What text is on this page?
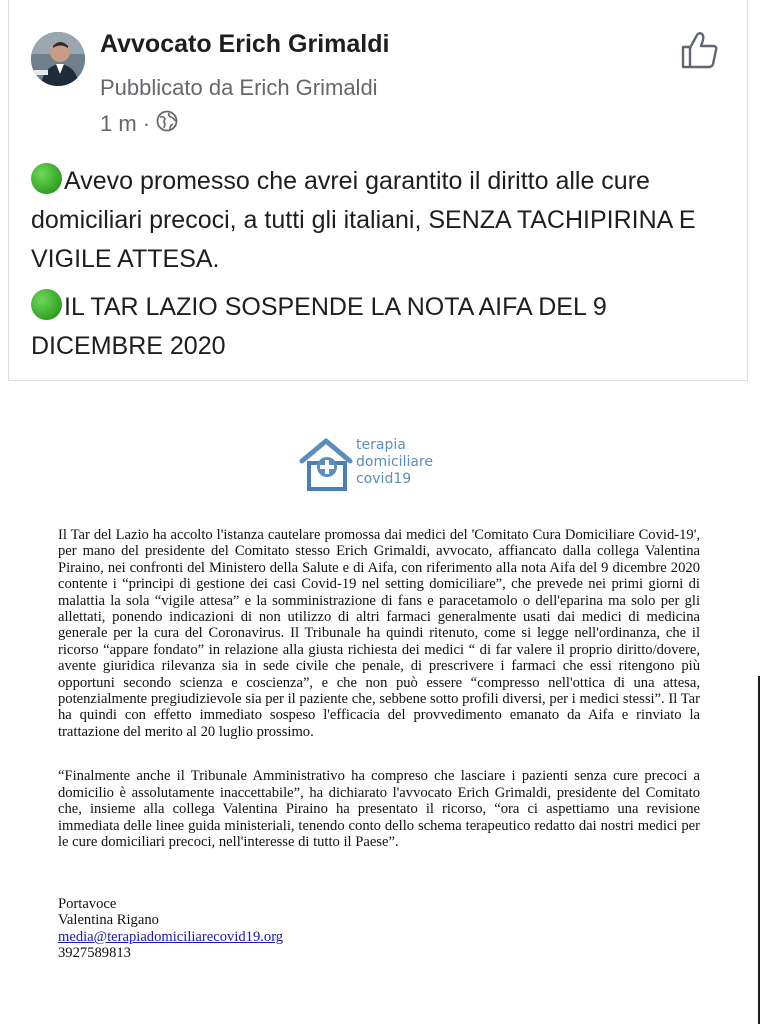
Avvocato Erich Grimaldi
Pubblicato da Erich Grimaldi
1 m ·

Avevo promesso che avrei garantito il diritto alle cure domiciliari precoci, a tutti gli italiani, SENZA TACHIPIRINA E VIGILE ATTESA.

IL TAR LAZIO SOSPENDE LA NOTA AIFA DEL 9 DICEMBRE 2020

terapia
domiciliare
covid19

Il Tar del Lazio ha accolto l'istanza cautelare promossa dai medici del 'Comitato Cura Domiciliare Covid-19', per mano del presidente del Comitato stesso Erich Grimaldi, avvocato, affiancato dalla collega Valentina Piraino, nei confronti del Ministero della Salute e di Aifa, con riferimento alla nota Aifa del 9 dicembre 2020 contente i “principi di gestione dei casi Covid-19 nel setting domiciliare”, che prevede nei primi giorni di malattia la sola “vigile attesa” e la somministrazione di fans e paracetamolo o dell'eparina ma solo per gli allettati, ponendo indicazioni di non utilizzo di altri farmaci generalmente usati dai medici di medicina generale per la cura del Coronavirus. Il Tribunale ha quindi ritenuto, come si legge nell'ordinanza, che il ricorso “appare fondato” in relazione alla giusta richiesta dei medici “ di far valere il proprio diritto/dovere, avente giuridica rilevanza sia in sede civile che penale, di prescrivere i farmaci che essi ritengono più opportuni secondo scienza e coscienza”, e che non può essere “compresso nell'ottica di una attesa, potenzialmente pregiudizievole sia per il paziente che, sebbene sotto profili diversi, per i medici stessi”. Il Tar ha quindi con effetto immediato sospeso l'efficacia del provvedimento emanato da Aifa e rinviato la trattazione del merito al 20 luglio prossimo.

“Finalmente anche il Tribunale Amministrativo ha compreso che lasciare i pazienti senza cure precoci a domicilio è assolutamente inaccettabile”, ha dichiarato l'avvocato Erich Grimaldi, presidente del Comitato che, insieme alla collega Valentina Piraino ha presentato il ricorso, “ora ci aspettiamo una revisione immediata delle linee guida ministeriali, tenendo conto dello schema terapeutico redatto dai nostri medici per le cure domiciliari precoci, nell'interesse di tutto il Paese”.

Portavoce
Valentina Rigano
media@terapiadomiciliarecovid19.org
3927589813
